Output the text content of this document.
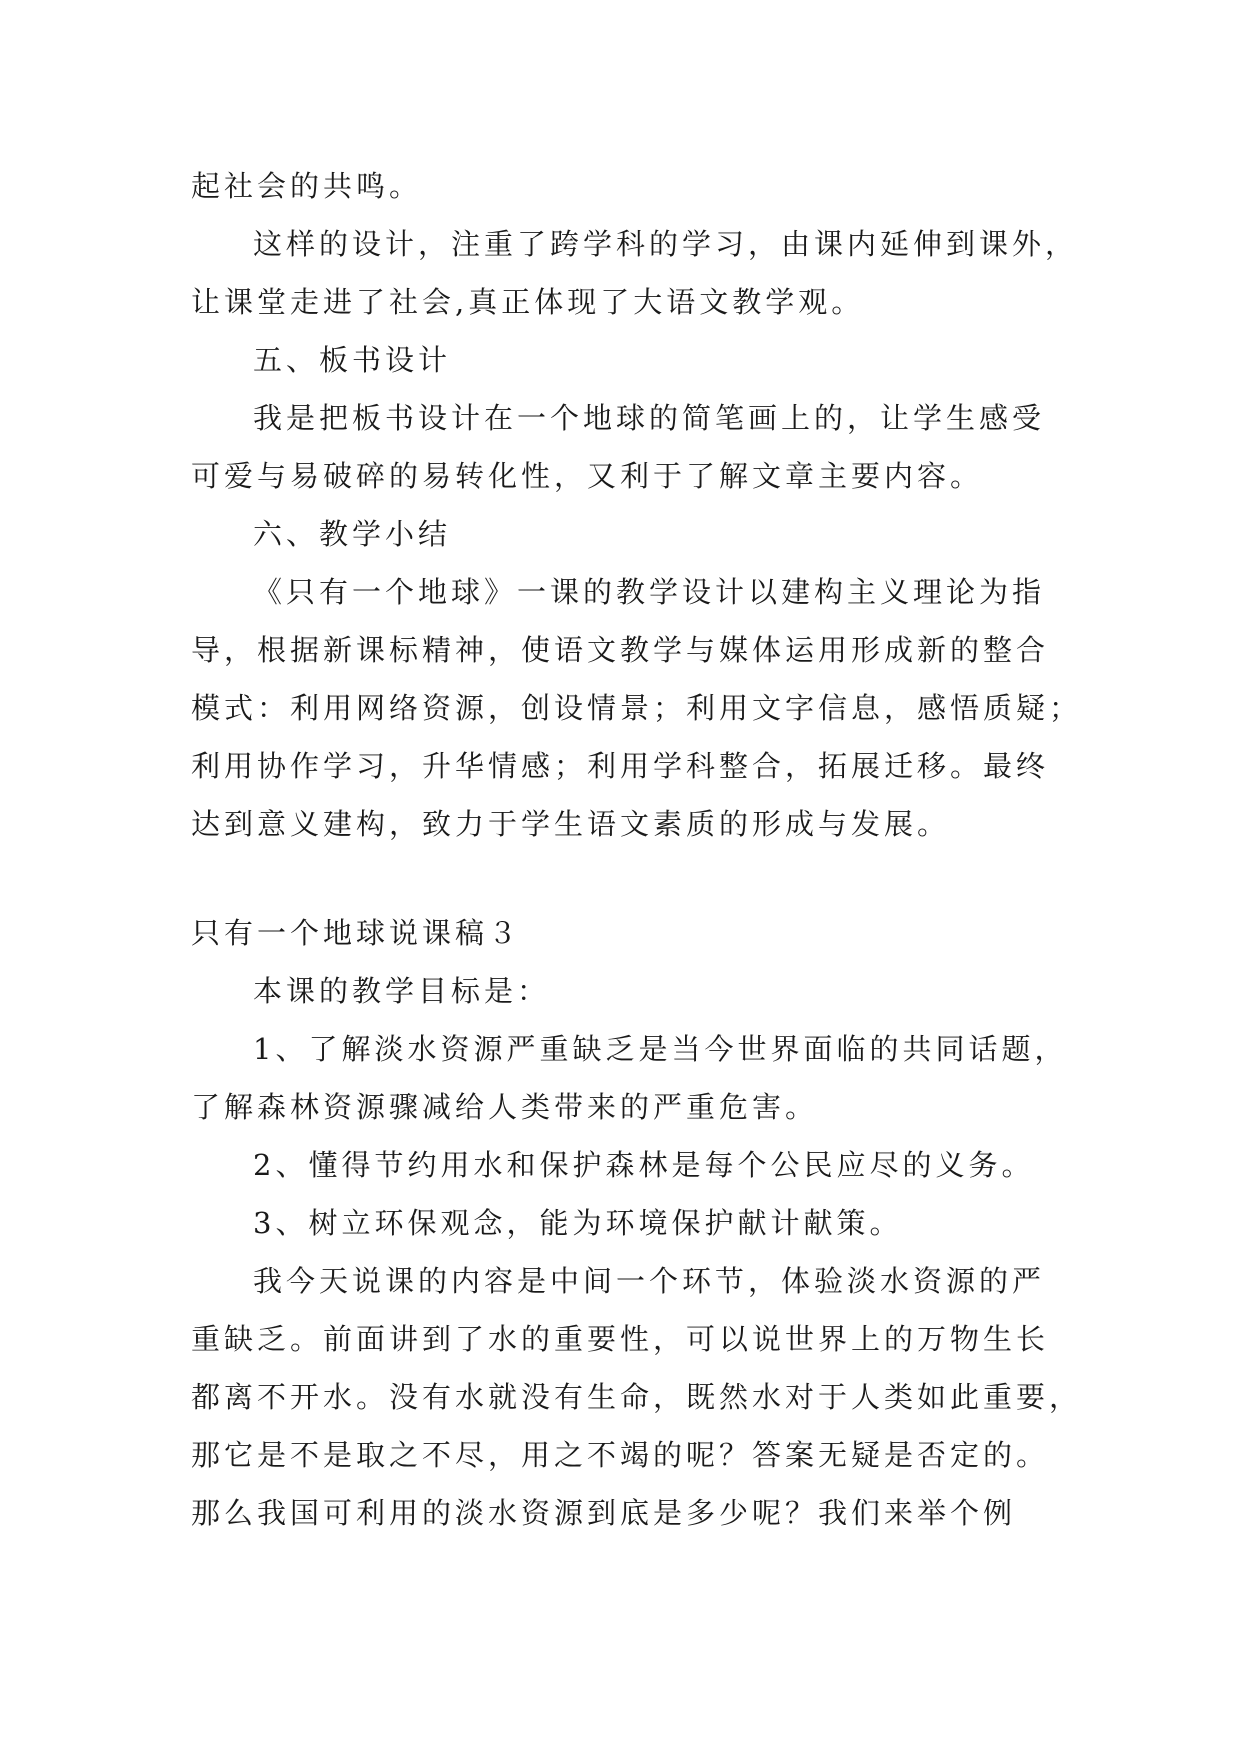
起社会的共鸣。
这样的设计，注重了跨学科的学习，由课内延伸到课外，
让课堂走进了社会,真正体现了大语文教学观。
五、板书设计
我是把板书设计在一个地球的简笔画上的，让学生感受
可爱与易破碎的易转化性，又利于了解文章主要内容。
六、教学小结
《只有一个地球》一课的教学设计以建构主义理论为指
导，根据新课标精神，使语文教学与媒体运用形成新的整合
模式：利用网络资源，创设情景；利用文字信息，感悟质疑；
利用协作学习，升华情感；利用学科整合，拓展迁移。最终
达到意义建构，致力于学生语文素质的形成与发展。
只有一个地球说课稿３
本课的教学目标是：
1、了解淡水资源严重缺乏是当今世界面临的共同话题，
了解森林资源骤减给人类带来的严重危害。
2、懂得节约用水和保护森林是每个公民应尽的义务。
3、树立环保观念，能为环境保护献计献策。
我今天说课的内容是中间一个环节，体验淡水资源的严
重缺乏。前面讲到了水的重要性，可以说世界上的万物生长
都离不开水。没有水就没有生命，既然水对于人类如此重要，
那它是不是取之不尽，用之不竭的呢？答案无疑是否定的。
那么我国可利用的淡水资源到底是多少呢？我们来举个例
